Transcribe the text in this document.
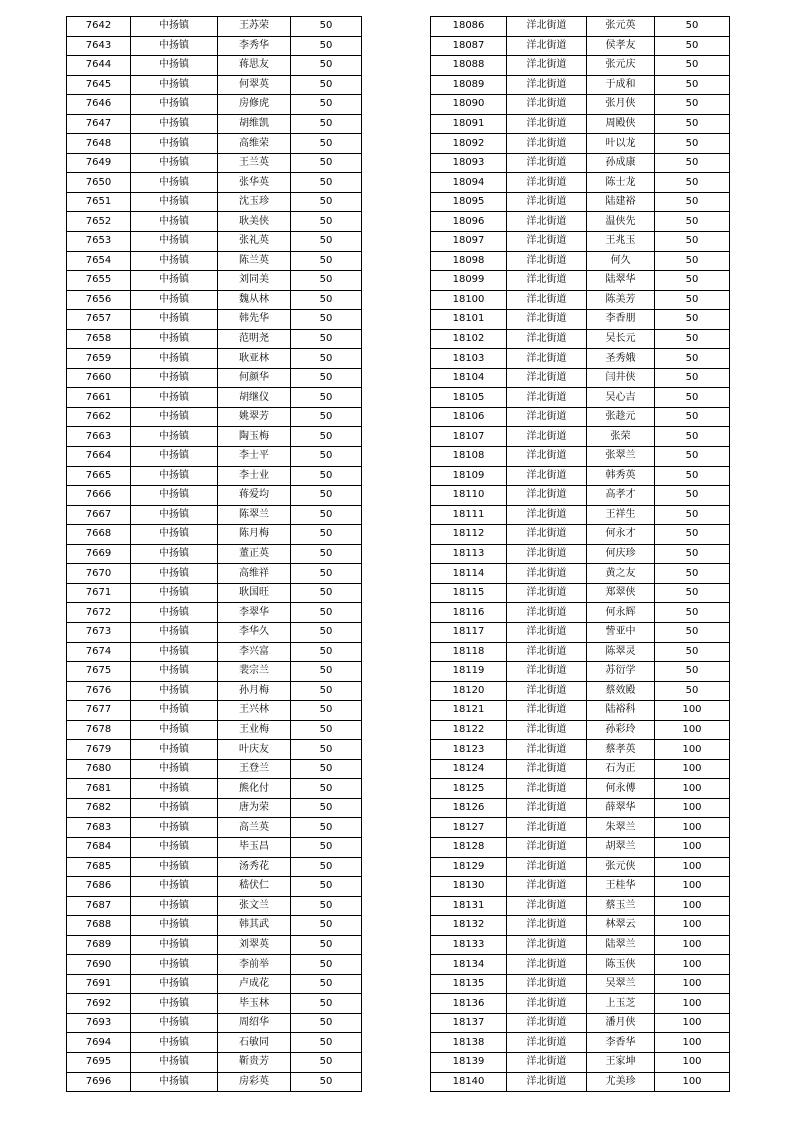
7642	中扬镇	王苏荣	50
7643	中扬镇	李秀华	50
7644	中扬镇	蒋思友	50
7645	中扬镇	何翠英	50
7646	中扬镇	房修虎	50
7647	中扬镇	胡维凯	50
7648	中扬镇	高维荣	50
7649	中扬镇	王兰英	50
7650	中扬镇	张华英	50
7651	中扬镇	沈玉珍	50
7652	中扬镇	耿美侠	50
7653	中扬镇	张礼英	50
7654	中扬镇	陈兰英	50
7655	中扬镇	刘同美	50
7656	中扬镇	魏从林	50
7657	中扬镇	韩先华	50
7658	中扬镇	范明尧	50
7659	中扬镇	耿亚林	50
7660	中扬镇	何颜华	50
7661	中扬镇	胡继仪	50
7662	中扬镇	姚翠芳	50
7663	中扬镇	陶玉梅	50
7664	中扬镇	李士平	50
7665	中扬镇	李士业	50
7666	中扬镇	蒋爱均	50
7667	中扬镇	陈翠兰	50
7668	中扬镇	陈月梅	50
7669	中扬镇	董正英	50
7670	中扬镇	高维祥	50
7671	中扬镇	耿国旺	50
7672	中扬镇	李翠华	50
7673	中扬镇	李华久	50
7674	中扬镇	李兴富	50
7675	中扬镇	裴宗兰	50
7676	中扬镇	孙月梅	50
7677	中扬镇	王兴林	50
7678	中扬镇	王业梅	50
7679	中扬镇	叶庆友	50
7680	中扬镇	王登兰	50
7681	中扬镇	熊化付	50
7682	中扬镇	唐为荣	50
7683	中扬镇	高兰英	50
7684	中扬镇	毕玉昌	50
7685	中扬镇	汤秀花	50
7686	中扬镇	嵇伏仁	50
7687	中扬镇	张文兰	50
7688	中扬镇	韩其武	50
7689	中扬镇	刘翠英	50
7690	中扬镇	李前举	50
7691	中扬镇	卢成花	50
7692	中扬镇	毕玉林	50
7693	中扬镇	周绍华	50
7694	中扬镇	石敏同	50
7695	中扬镇	靳贵芳	50
7696	中扬镇	房彩英	50
18086	洋北街道	张元英	50
18087	洋北街道	侯孝友	50
18088	洋北街道	张元庆	50
18089	洋北街道	于成和	50
18090	洋北街道	张月侠	50
18091	洋北街道	周殿侠	50
18092	洋北街道	叶以龙	50
18093	洋北街道	孙成康	50
18094	洋北街道	陈士龙	50
18095	洋北街道	陆建裕	50
18096	洋北街道	温侠先	50
18097	洋北街道	王兆玉	50
18098	洋北街道	何久	50
18099	洋北街道	陆翠华	50
18100	洋北街道	陈美芳	50
18101	洋北街道	李香朋	50
18102	洋北街道	吴长元	50
18103	洋北街道	圣秀娥	50
18104	洋北街道	闫井侠	50
18105	洋北街道	吴心吉	50
18106	洋北街道	张趁元	50
18107	洋北街道	张荣	50
18108	洋北街道	张翠兰	50
18109	洋北街道	韩秀英	50
18110	洋北街道	高孝才	50
18111	洋北街道	王祥生	50
18112	洋北街道	何永才	50
18113	洋北街道	何庆珍	50
18114	洋北街道	黄之友	50
18115	洋北街道	郑翠侠	50
18116	洋北街道	何永辉	50
18117	洋北街道	訾亚中	50
18118	洋北街道	陈翠灵	50
18119	洋北街道	苏衍学	50
18120	洋北街道	蔡效殿	50
18121	洋北街道	陆裕科	100
18122	洋北街道	孙彩玲	100
18123	洋北街道	蔡孝英	100
18124	洋北街道	石为正	100
18125	洋北街道	何永傅	100
18126	洋北街道	薛翠华	100
18127	洋北街道	朱翠兰	100
18128	洋北街道	胡翠兰	100
18129	洋北街道	张元侠	100
18130	洋北街道	王桂华	100
18131	洋北街道	蔡玉兰	100
18132	洋北街道	林翠云	100
18133	洋北街道	陆翠兰	100
18134	洋北街道	陈玉侠	100
18135	洋北街道	吴翠兰	100
18136	洋北街道	上玉芝	100
18137	洋北街道	潘月侠	100
18138	洋北街道	李香华	100
18139	洋北街道	王家坤	100
18140	洋北街道	尤美珍	100
